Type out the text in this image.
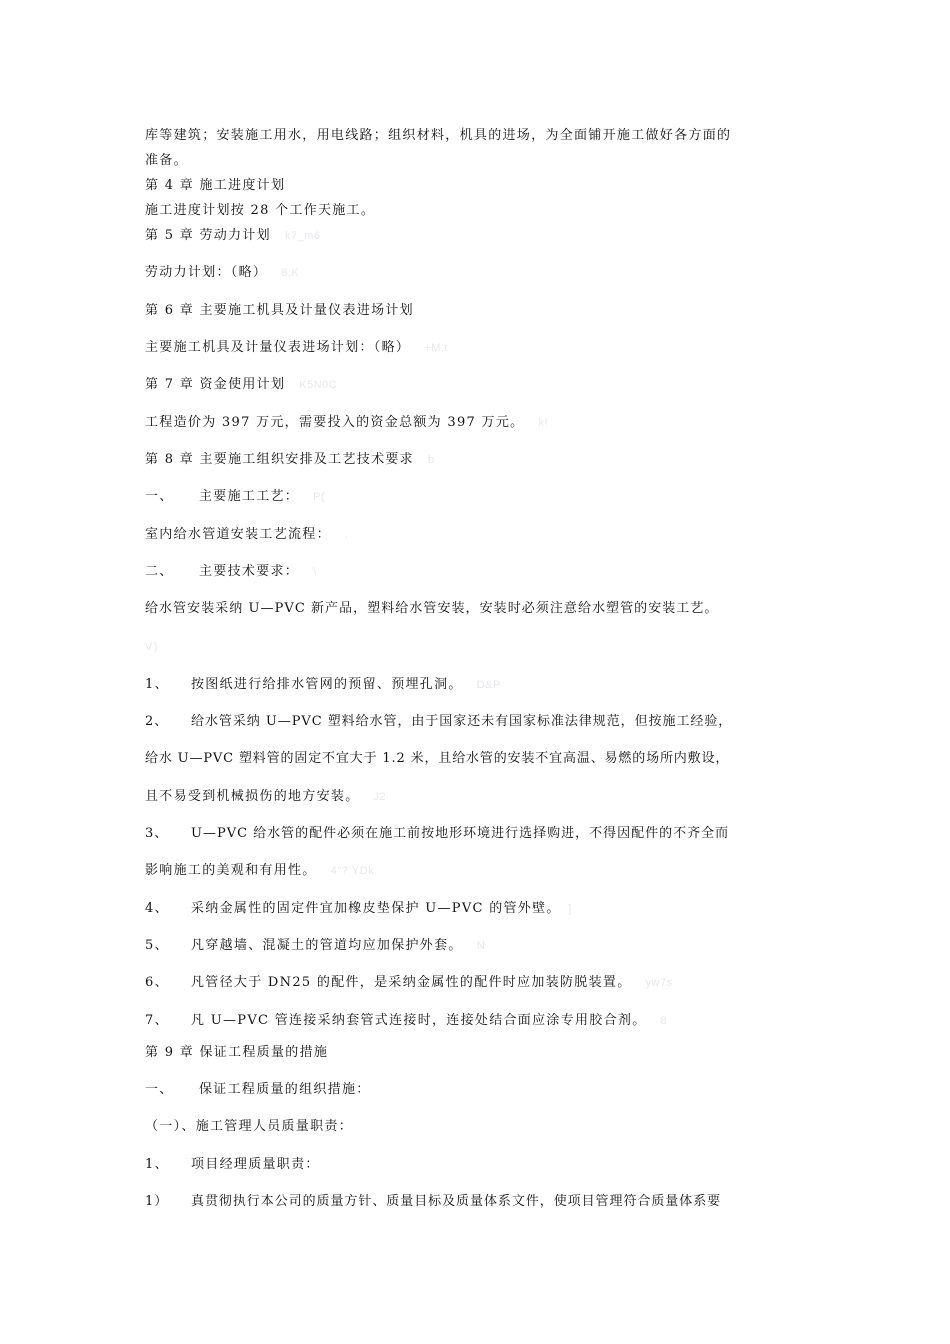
库等建筑；安装施工用水，用电线路；组织材料，机具的进场，为全面铺开施工做好各方面的
准备。
第 4 章 施工进度计划
施工进度计划按 28 个工作天施工。
第 5 章 劳动力计划 k7_m6
劳动力计划：（略） 8;K
第 6 章 主要施工机具及计量仪表进场计划
主要施工机具及计量仪表进场计划：（略） +M,t
第 7 章 资金使用计划 K5N0C
工程造价为 397 万元，需要投入的资金总额为 397 万元。 k!
第 8 章 主要施工组织安排及工艺技术要求 b
一、 主要施工工艺： P(
室内给水管道安装工艺流程： .
二、 主要技术要求： \
给水管安装采纳 U—PVC 新产品，塑料给水管安装，安装时必须注意给水塑管的安装工艺。
V)
1、 按图纸进行给排水管网的预留、预埋孔洞。 D&P
2、 给水管采纳 U—PVC 塑料给水管，由于国家还未有国家标准法律规范，但按施工经验，
给水 U—PVC 塑料管的固定不宜大于 1.2 米，且给水管的安装不宜高温、易燃的场所内敷设，
且不易受到机械损伤的地方安装。 J2
3、 U—PVC 给水管的配件必须在施工前按地形环境进行选择购进，不得因配件的不齐全而
影响施工的美观和有用性。 4"? YDk
4、 采纳金属性的固定件宜加橡皮垫保护 U—PVC 的管外壁。 ]
5、 凡穿越墙、混凝土的管道均应加保护外套。 N
6、 凡管径大于 DN25 的配件，是采纳金属性的配件时应加装防脱装置。 yw7s
7、 凡 U—PVC 管连接采纳套管式连接时，连接处结合面应涂专用胶合剂。 8
第 9 章 保证工程质量的措施
一、 保证工程质量的组织措施：
（一）、施工管理人员质量职责：
1、 项目经理质量职责：
1） 真贯彻执行本公司的质量方针、质量目标及质量体系文件，使项目管理符合质量体系要
